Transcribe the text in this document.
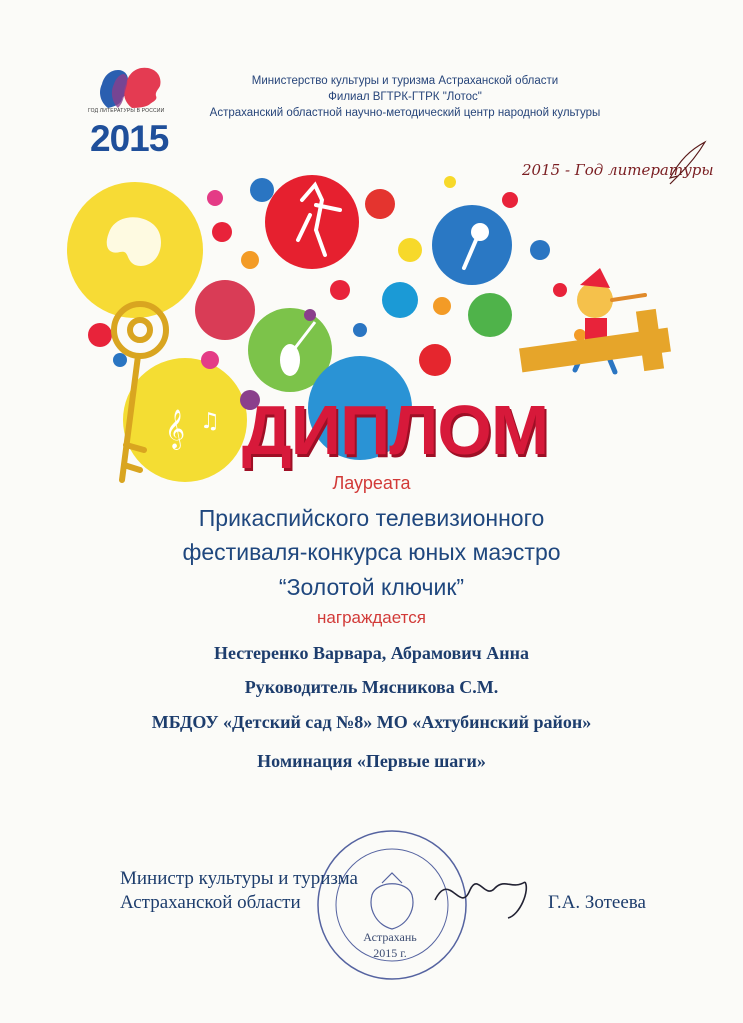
ГОД ЛИТЕРАТУРЫ В РОССИИ
2015
Министерство культуры и туризма Астраханской области
Филиал ВГТРК-ГТРК "Лотос"
Астраханский областной научно-методический центр народной культуры
2015 - Год литературы
𝄞 ♫ ДИПЛОМ
Лауреата
Прикаспийского телевизионного
фестиваля-конкурса юных маэстро
“Золотой ключик”
награждается
Нестеренко Варвара, Абрамович Анна
Руководитель Мясникова С.М.
МБДОУ «Детский сад №8» МО «Ахтубинский район»
Номинация «Первые шаги»
Астрахань
2015 г.
Министр культуры и туризма
Астраханской области	Г.А. Зотеева
